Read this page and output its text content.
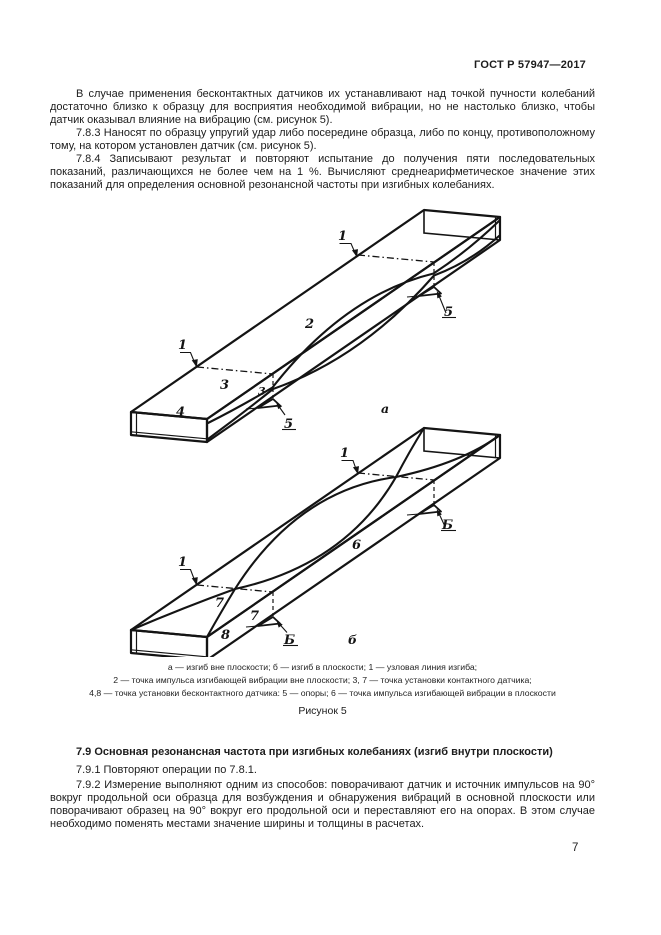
ГОСТ Р 57947—2017

В случае применения бесконтактных датчиков их устанавливают над точкой пучности колебаний достаточно близко к образцу для восприятия необходимой вибрации, но не настолько близко, чтобы датчик оказывал влияние на вибрацию (см. рисунок 5).

7.8.3 Наносят по образцу упругий удар либо посередине образца, либо по концу, противоположному тому, на котором установлен датчик (см. рисунок 5).

7.8.4 Записывают результат и повторяют испытание до получения пяти последовательных показаний, различающихся не более чем на 1 %. Вычисляют среднеарифметическое значение этих показаний для определения основной резонансной частоты при изгибных колебаниях.

1
1
2
3	3
4
5
5
а
1
1
6
7
7
8	Б
Б
б
а — изгиб вне плоскости; б — изгиб в плоскости; 1 — узловая линия изгиба;
2 — точка импульса изгибающей вибрации вне плоскости; 3, 7 — точка установки контактного датчика;
4,8 — точка установки бесконтактного датчика: 5 — опоры; 6 — точка импульса изгибающей вибрации в плоскости
Рисунок 5

7.9 Основная резонансная частота при изгибных колебаниях (изгиб внутри плоскости)

7.9.1 Повторяют операции по 7.8.1.

7.9.2 Измерение выполняют одним из способов: поворачивают датчик и источник импульсов на 90° вокруг продольной оси образца для возбуждения и обнаружения вибраций в основной плоскости или поворачивают образец на 90° вокруг его продольной оси и переставляют его на опорах. В этом случае необходимо поменять местами значение ширины и толщины в расчетах.

7
